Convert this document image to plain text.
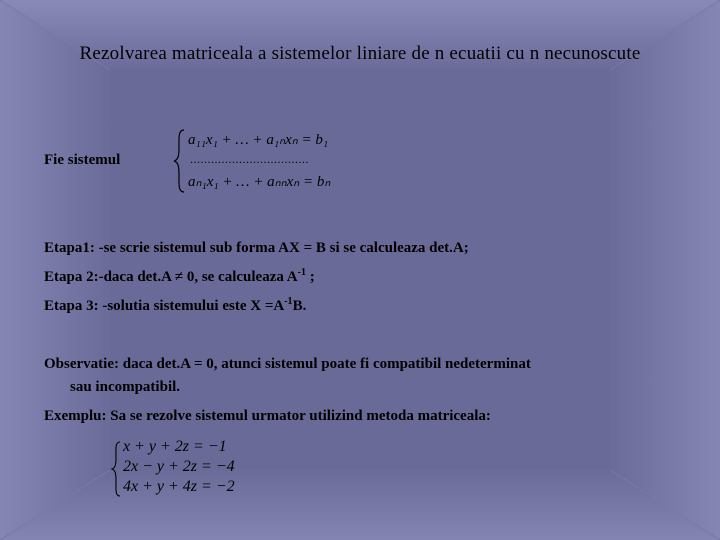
Rezolvarea matriceala a sistemelor liniare de n ecuatii cu n necunoscute
Fie sistemul
a₁₁x₁ + … + a₁ₙxₙ = b₁
..................................
aₙ₁x₁ + … + aₙₙxₙ = bₙ
Etapa1: -se scrie sistemul sub forma AX = B si se calculeaza det.A;
Etapa 2:-daca det.A ≠ 0, se calculeaza $A^{-1}$ ;
Etapa 3: -solutia sistemului este $X =A^{-1}B$.
Observatie: daca det.A = 0, atunci sistemul poate fi compatibil nedeterminat
sau incompatibil.
Exemplu: Sa se rezolve sistemul urmator utilizind metoda matriceala:
x + y + 2z = −1
2x − y + 2z = −4
4x + y + 4z = −2
